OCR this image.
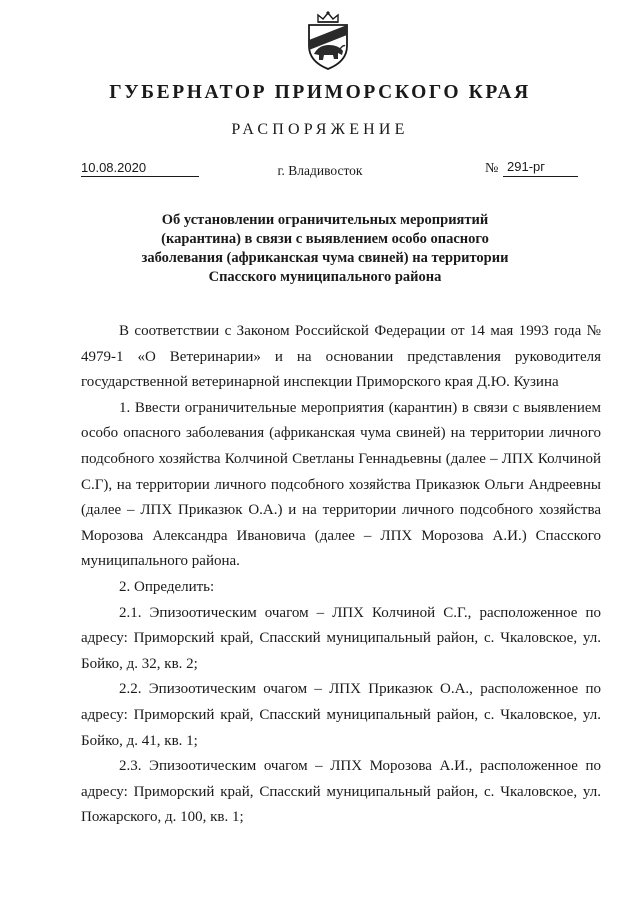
ГУБЕРНАТОР ПРИМОРСКОГО КРАЯ
РАСПОРЯЖЕНИЕ
10.08.2020	г. Владивосток	№ 291-рг
Об установлении ограничительных мероприятий (карантина) в связи с выявлением особо опасного заболевания (африканская чума свиней) на территории Спасского муниципального района

В соответствии с Законом Российской Федерации от 14 мая 1993 года № 4979-1 «О Ветеринарии» и на основании представления руководителя государственной ветеринарной инспекции Приморского края Д.Ю. Кузина

1. Ввести ограничительные мероприятия (карантин) в связи с выявлением особо опасного заболевания (африканская чума свиней) на территории личного подсобного хозяйства Колчиной Светланы Геннадьевны (далее – ЛПХ Колчиной С.Г), на территории личного подсобного хозяйства Приказюк Ольги Андреевны (далее – ЛПХ Приказюк О.А.) и на территории личного подсобного хозяйства Морозова Александра Ивановича (далее – ЛПХ Морозова А.И.) Спасского муниципального района.

2. Определить:

2.1. Эпизоотическим очагом – ЛПХ Колчиной С.Г., расположенное по адресу: Приморский край, Спасский муниципальный район, с. Чкаловское, ул. Бойко, д. 32, кв. 2;

2.2. Эпизоотическим очагом – ЛПХ Приказюк О.А., расположенное по адресу: Приморский край, Спасский муниципальный район, с. Чкаловское, ул. Бойко, д. 41, кв. 1;

2.3. Эпизоотическим очагом – ЛПХ Морозова А.И., расположенное по адресу: Приморский край, Спасский муниципальный район, с. Чкаловское, ул. Пожарского, д. 100, кв. 1;
